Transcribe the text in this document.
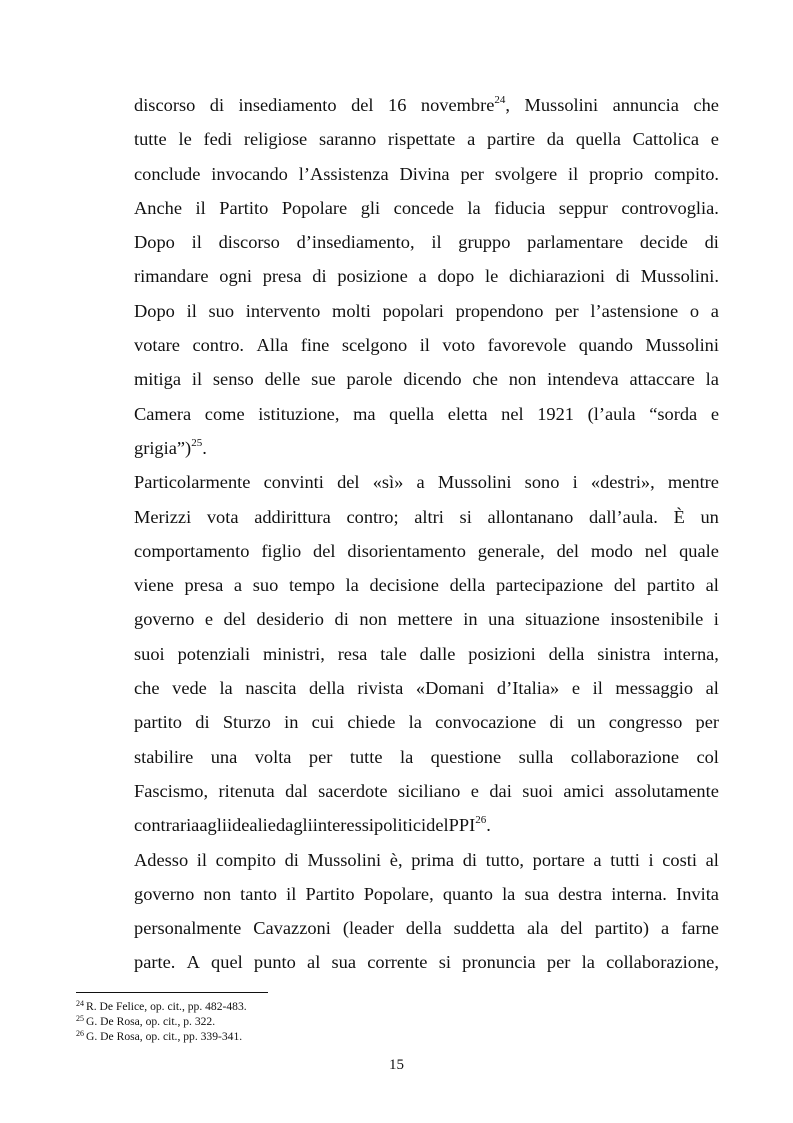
discorso di insediamento del 16 novembre$^{24}$, Mussolini annuncia che
tutte le fedi religiose saranno rispettate a partire da quella Cattolica e
conclude invocando l’Assistenza Divina per svolgere il proprio compito.
Anche il Partito Popolare gli concede la fiducia seppur controvoglia.
Dopo il discorso d’insediamento, il gruppo parlamentare decide di
rimandare ogni presa di posizione a dopo le dichiarazioni di Mussolini.
Dopo il suo intervento molti popolari propendono per l’astensione o a
votare contro. Alla fine scelgono il voto favorevole quando Mussolini
mitiga il senso delle sue parole dicendo che non intendeva attaccare la
Camera come istituzione, ma quella eletta nel 1921 (l’aula “sorda e
grigia”)$^{25}$.
Particolarmente convinti del «sì» a Mussolini sono i «destri», mentre
Merizzi vota addirittura contro; altri si allontanano dall’aula. È un
comportamento figlio del disorientamento generale, del modo nel quale
viene presa a suo tempo la decisione della partecipazione del partito al
governo e del desiderio di non mettere in una situazione insostenibile i
suoi potenziali ministri, resa tale dalle posizioni della sinistra interna,
che vede la nascita della rivista «Domani d’Italia» e il messaggio al
partito di Sturzo in cui chiede la convocazione di un congresso per
stabilire una volta per tutte la questione sulla collaborazione col
Fascismo, ritenuta dal sacerdote siciliano e dai suoi amici assolutamente
contraria agli ideali ed agli interessi politici del PPI$^{26}$.
Adesso il compito di Mussolini è, prima di tutto, portare a tutti i costi al
governo non tanto il Partito Popolare, quanto la sua destra interna. Invita
personalmente Cavazzoni (leader della suddetta ala del partito) a farne
parte. A quel punto al sua corrente si pronuncia per la collaborazione,
$^{24}$ R. De Felice, op. cit., pp. 482-483.
$^{25}$ G. De Rosa, op. cit., p. 322.
$^{26}$ G. De Rosa, op. cit., pp. 339-341.
15
